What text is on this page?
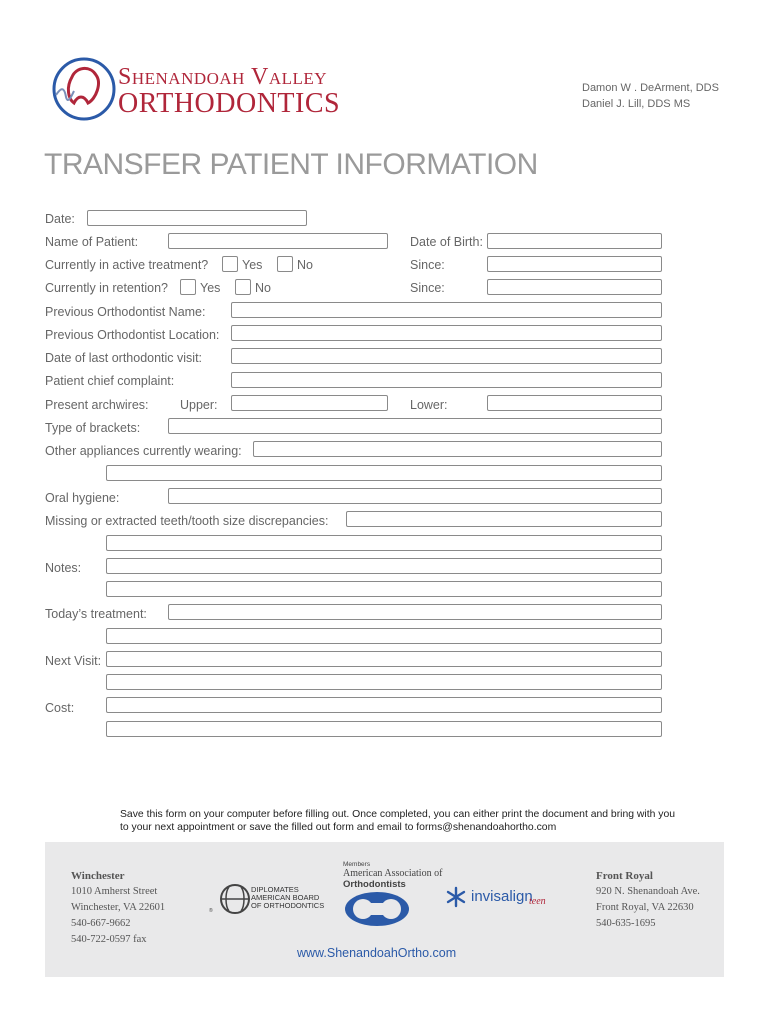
Shenandoah Valley
ORTHODONTICS	Damon W . DeArment, DDS
Daniel J. Lill, DDS MS
TRANSFER PATIENT INFORMATION
Date:
Name of Patient:	Date of Birth:
Currently in active treatment?	Yes	No	Since:
Currently in retention?	Yes	No	Since:
Previous Orthodontist Name:
Previous Orthodontist Location:
Date of last orthodontic visit:
Patient chief complaint:
Present archwires:	Upper:	Lower:
Type of brackets:
Other appliances currently wearing:
Oral hygiene:
Missing or extracted teeth/tooth size discrepancies:
Notes:
Today’s treatment:
Next Visit:
Cost:
Save this form on your computer before filling out. Once completed, you can either print the document and bring with you to your next appointment or save the filled out form and email to forms@shenandoahortho.com
Winchester
1010 Amherst Street
Winchester, VA 22601
540-667-9662
540-722-0597 fax
®
DIPLOMATES
AMERICAN BOARD
OF ORTHODONTICS
Members
American Association of
Orthodontists
invisalign
teen
Front Royal
920 N. Shenandoah Ave.
Front Royal, VA 22630
540-635-1695
www.ShenandoahOrtho.com
